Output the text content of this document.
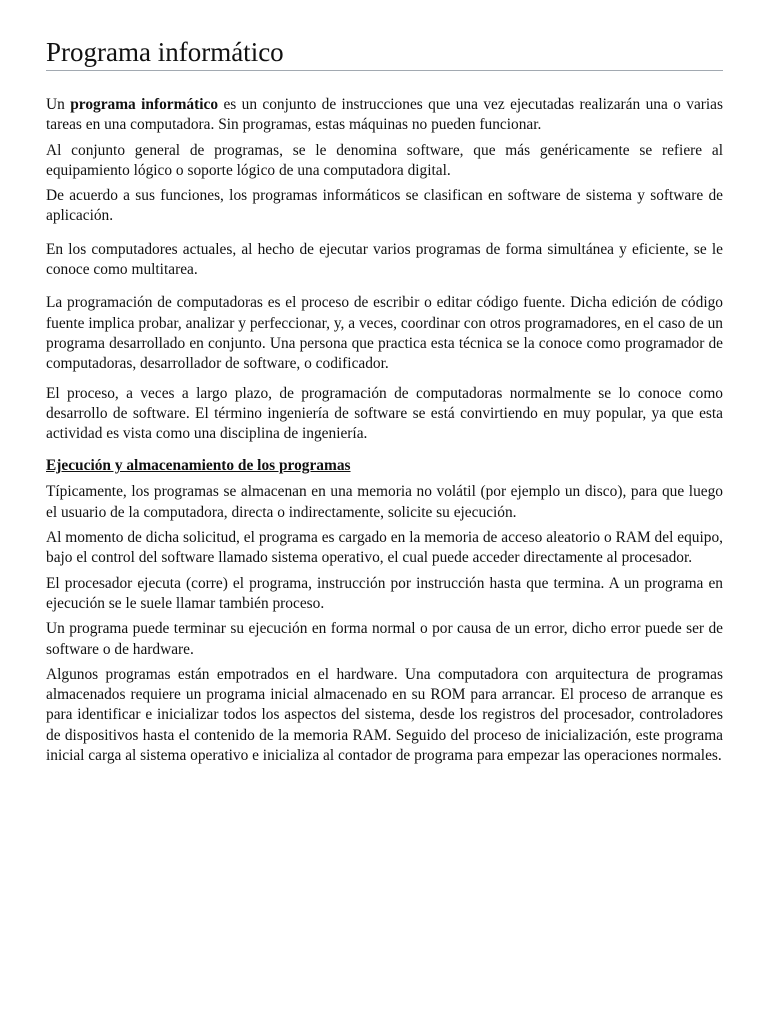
Programa informático

Un programa informático es un conjunto de instrucciones que una vez ejecutadas realizarán una o varias tareas en una computadora. Sin programas, estas máquinas no pueden funcionar.

Al conjunto general de programas, se le denomina software, que más genéricamente se refiere al equipamiento lógico o soporte lógico de una computadora digital.

De acuerdo a sus funciones, los programas informáticos se clasifican en software de sistema y software de aplicación.

En los computadores actuales, al hecho de ejecutar varios programas de forma simultánea y eficiente, se le conoce como multitarea.

La programación de computadoras es el proceso de escribir o editar código fuente. Dicha edición de código fuente implica probar, analizar y perfeccionar, y, a veces, coordinar con otros programadores, en el caso de un programa desarrollado en conjunto. Una persona que practica esta técnica se la conoce como programador de computadoras, desarrollador de software, o codificador.

El proceso, a veces a largo plazo, de programación de computadoras normalmente se lo conoce como desarrollo de software. El término ingeniería de software se está convirtiendo en muy popular, ya que esta actividad es vista como una disciplina de ingeniería.

Ejecución y almacenamiento de los programas

Típicamente, los programas se almacenan en una memoria no volátil (por ejemplo un disco), para que luego el usuario de la computadora, directa o indirectamente, solicite su ejecución.

Al momento de dicha solicitud, el programa es cargado en la memoria de acceso aleatorio o RAM del equipo, bajo el control del software llamado sistema operativo, el cual puede acceder directamente al procesador.

El procesador ejecuta (corre) el programa, instrucción por instrucción hasta que termina. A un programa en ejecución se le suele llamar también proceso.

Un programa puede terminar su ejecución en forma normal o por causa de un error, dicho error puede ser de software o de hardware.

Algunos programas están empotrados en el hardware. Una computadora con arquitectura de programas almacenados requiere un programa inicial almacenado en su ROM para arrancar. El proceso de arranque es para identificar e inicializar todos los aspectos del sistema, desde los registros del procesador, controladores de dispositivos hasta el contenido de la memoria RAM. Seguido del proceso de inicialización, este programa inicial carga al sistema operativo e inicializa al contador de programa para empezar las operaciones normales.
